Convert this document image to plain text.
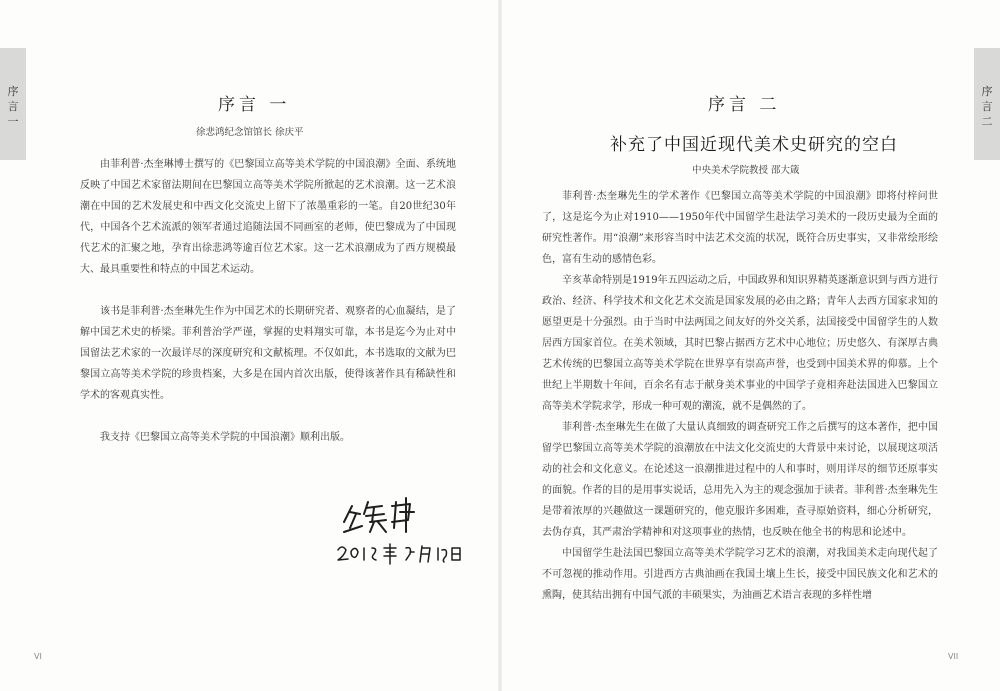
序
言
一
序言 一
徐悲鸿纪念馆馆长 徐庆平

由菲利普·杰奎琳博士撰写的《巴黎国立高等美术学院的中国浪潮》全面、系统地反映了中国艺术家留法期间在巴黎国立高等美术学院所掀起的艺术浪潮。这一艺术浪潮在中国的艺术发展史和中西文化交流史上留下了浓墨重彩的一笔。自20世纪30年代，中国各个艺术流派的领军者通过追随法国不同画室的老师，使巴黎成为了中国现代艺术的汇聚之地，孕育出徐悲鸿等逾百位艺术家。这一艺术浪潮成为了西方规模最大、最具重要性和特点的中国艺术运动。

该书是菲利普·杰奎琳先生作为中国艺术的长期研究者、观察者的心血凝结，是了解中国艺术史的桥梁。菲利普治学严谨，掌握的史料翔实可靠，本书是迄今为止对中国留法艺术家的一次最详尽的深度研究和文献梳理。不仅如此，本书选取的文献为巴黎国立高等美术学院的珍贵档案，大多是在国内首次出版，使得该著作具有稀缺性和学术的客观真实性。

我支持《巴黎国立高等美术学院的中国浪潮》顺利出版。

VI
序
言
二
序言 二
补充了中国近现代美术史研究的空白
中央美术学院教授 邵大箴

菲利普·杰奎琳先生的学术著作《巴黎国立高等美术学院的中国浪潮》即将付梓问世了，这是迄今为止对1910——1950年代中国留学生赴法学习美术的一段历史最为全面的研究性著作。用“浪潮”来形容当时中法艺术交流的状况，既符合历史事实，又非常绘形绘色，富有生动的感情色彩。

辛亥革命特别是1919年五四运动之后，中国政界和知识界精英逐渐意识到与西方进行政治、经济、科学技术和文化艺术交流是国家发展的必由之路；青年人去西方国家求知的愿望更是十分强烈。由于当时中法两国之间友好的外交关系，法国接受中国留学生的人数居西方国家首位。在美术领域，其时巴黎占据西方艺术中心地位；历史悠久、有深厚古典艺术传统的巴黎国立高等美术学院在世界享有崇高声誉，也受到中国美术界的仰慕。上个世纪上半期数十年间，百余名有志于献身美术事业的中国学子竟相奔赴法国进入巴黎国立高等美术学院求学，形成一种可观的潮流，就不是偶然的了。

菲利普·杰奎琳先生在做了大量认真细致的调查研究工作之后撰写的这本著作，把中国留学巴黎国立高等美术学院的浪潮放在中法文化交流史的大背景中来讨论，以展现这项活动的社会和文化意义。在论述这一浪潮推进过程中的人和事时，则用详尽的细节还原事实的面貌。作者的目的是用事实说话，总用先入为主的观念强加于读者。菲利普·杰奎琳先生是带着浓厚的兴趣做这一课题研究的，他克服许多困难，查寻原始资料，细心分析研究，去伪存真，其严肃治学精神和对这项事业的热情，也反映在他全书的构思和论述中。

中国留学生赴法国巴黎国立高等美术学院学习艺术的浪潮，对我国美术走向现代起了不可忽视的推动作用。引进西方古典油画在我国土壤上生长，接受中国民族文化和艺术的熏陶，使其结出拥有中国气派的丰硕果实，为油画艺术语言表现的多样性增

VII
